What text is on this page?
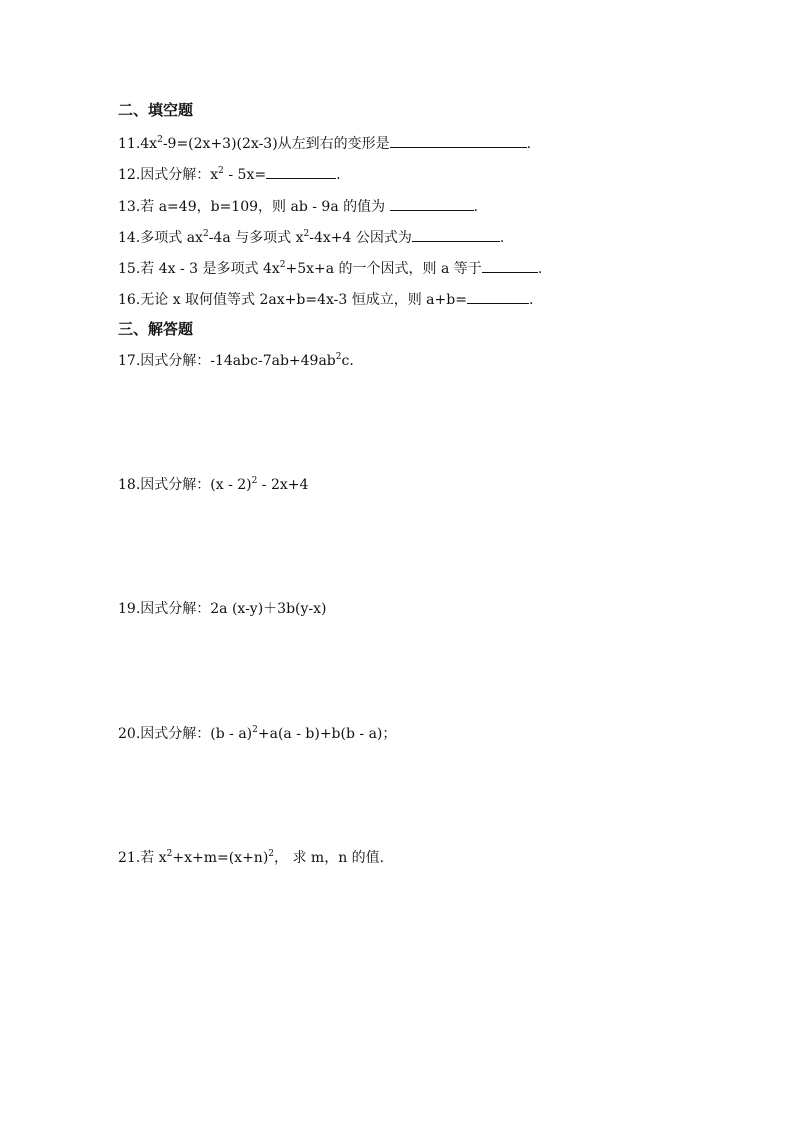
二、填空题
$11.4x^2-9=(2x+3)(2x-3)$从左到右的变形是	.
12.因式分解：$x^2 - 5x=$	.
13.若 a=49，b=109，则 ab - 9a 的值为	.
14.多项式 $ax^2-4a$ 与多项式 $x^2-4x+4$ 公因式为	.
15.若 4x - 3 是多项式 $4x^2+5x+a$ 的一个因式，则 a 等于	.
16.无论 x 取何值等式 2ax+b=4x-3 恒成立，则 a+b=	.
三、解答题
17.因式分解：$-14abc-7ab+49ab^2c$.
18.因式分解：(x - 2)$^2$ - 2x+4
19.因式分解：2a (x-y)＋3b(y-x)
20.因式分解：(b - a)$^2$+a(a - b)+b(b - a)；
21.若 $x^2+x+m=(x+n)^2$， 求 m，n 的值.
